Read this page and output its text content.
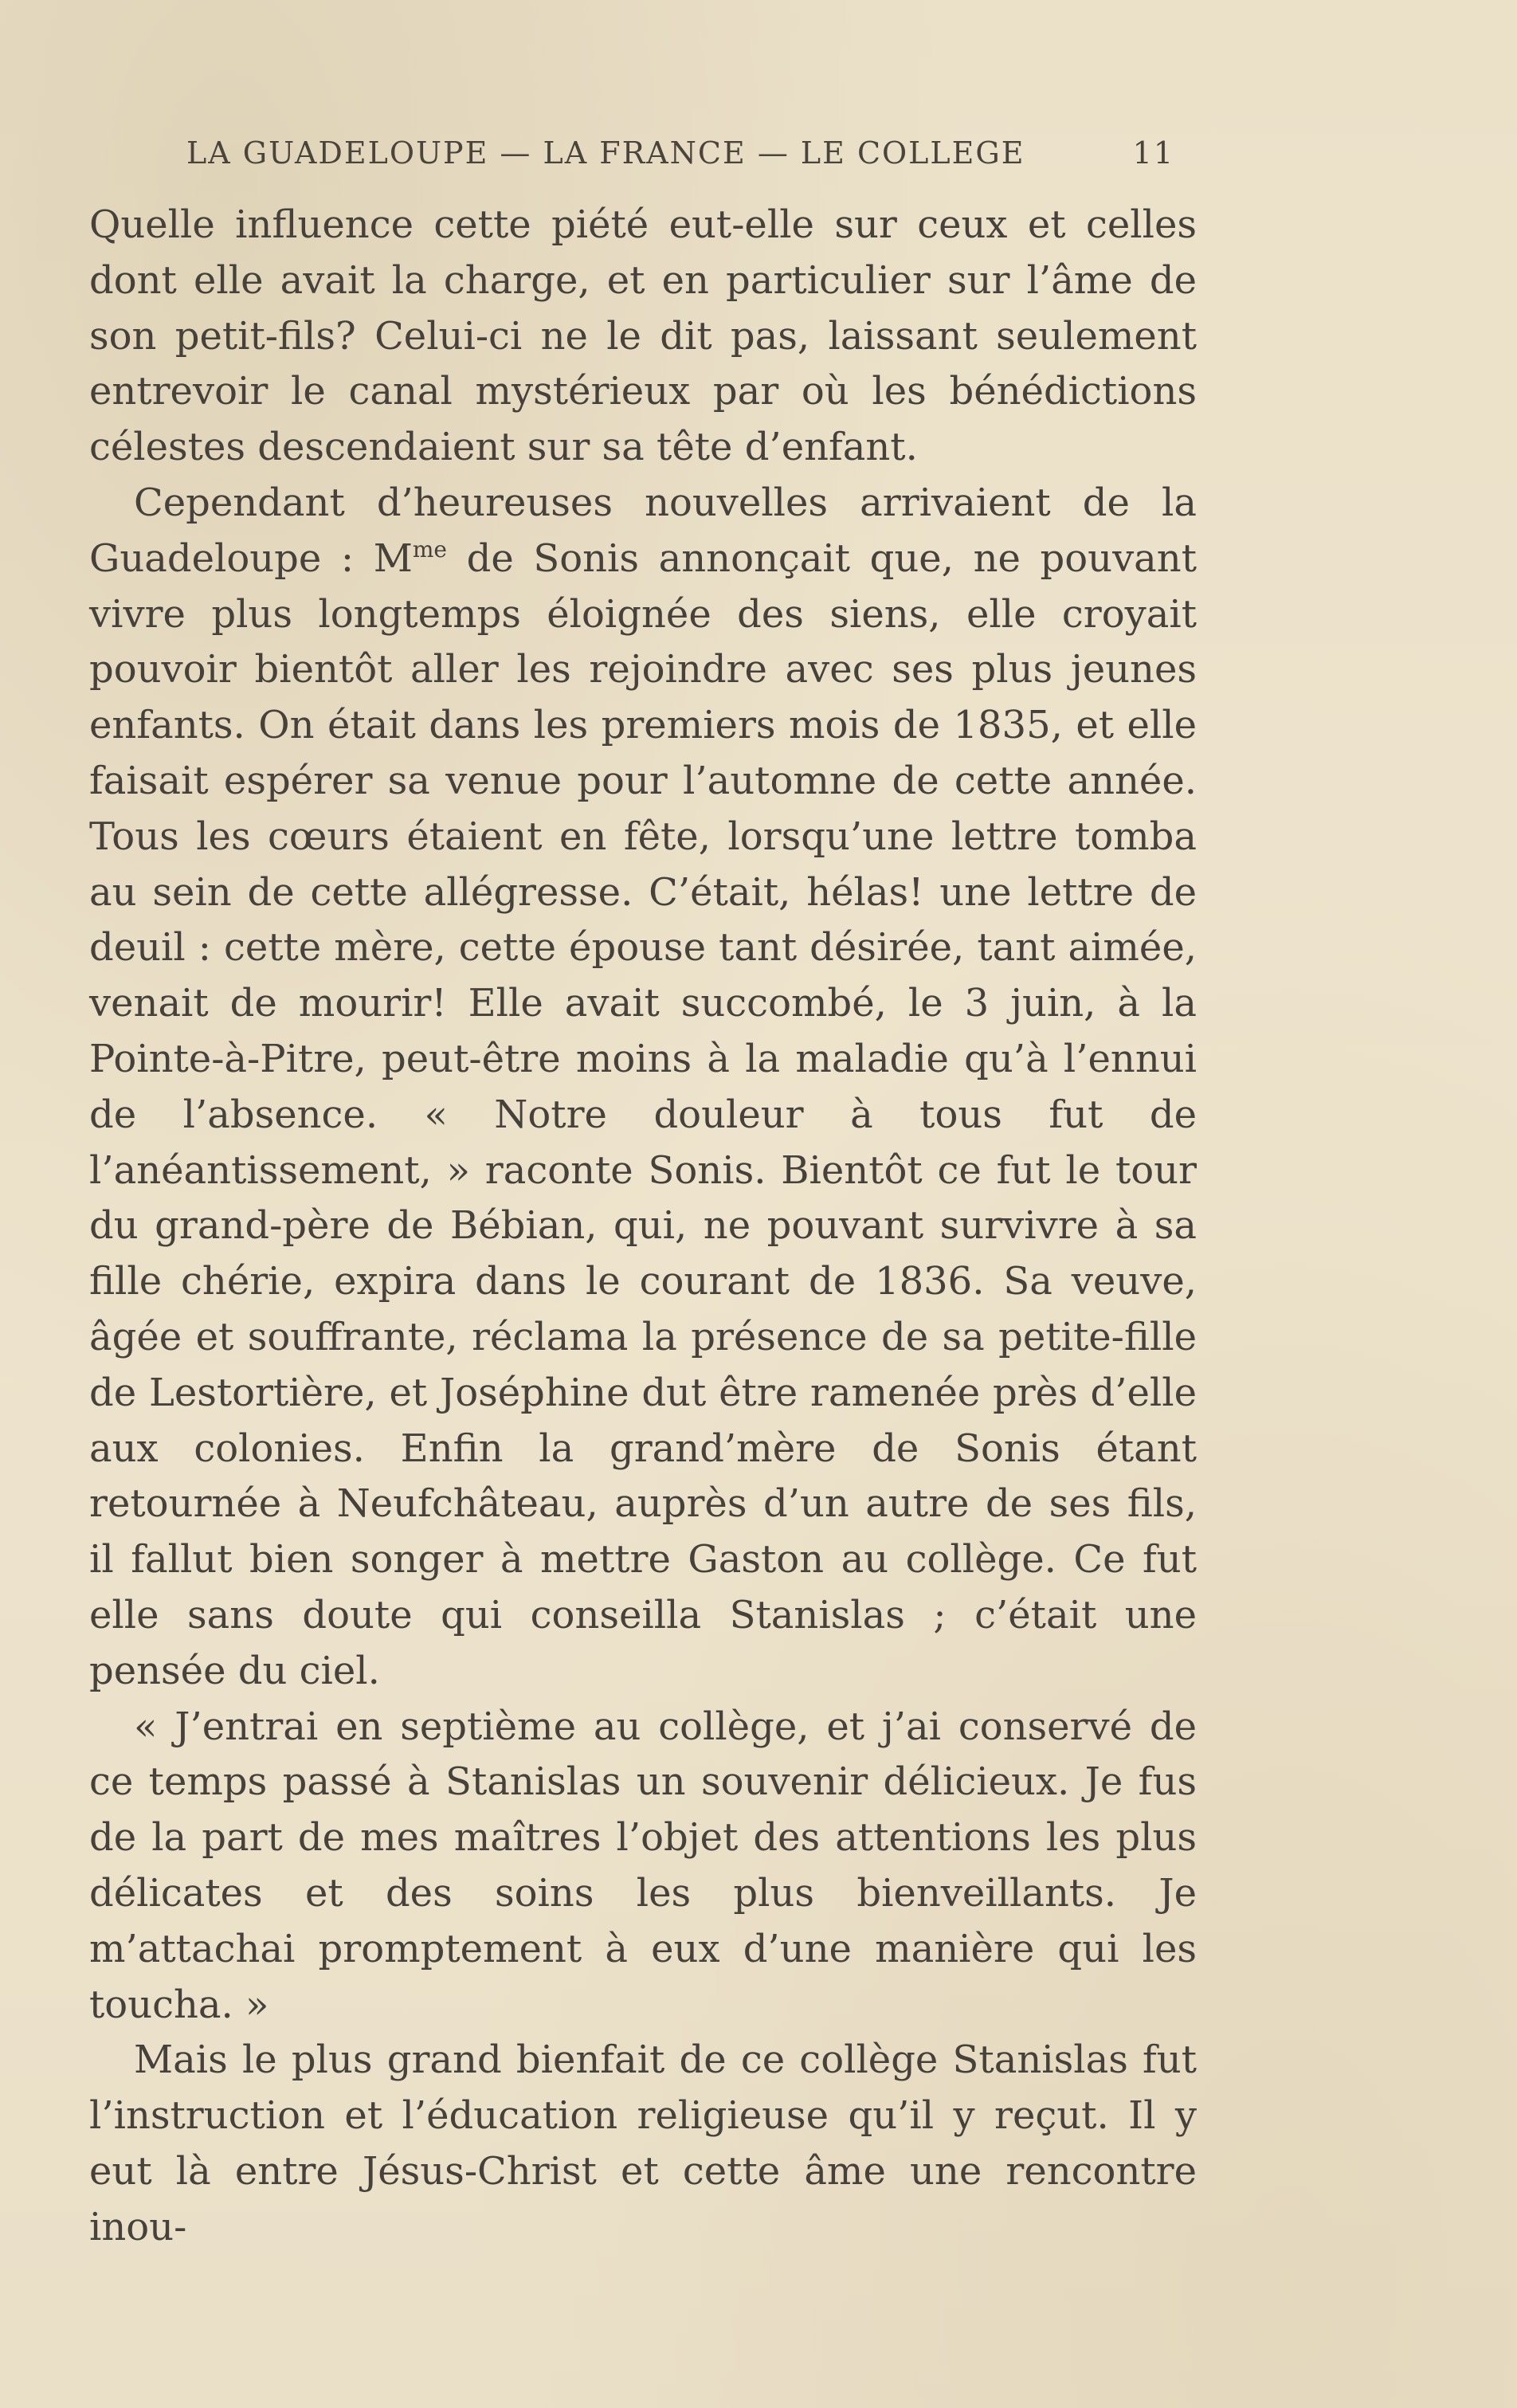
LA GUADELOUPE — LA FRANCE — LE COLLEGE	11

Quelle influence cette piété eut-elle sur ceux et celles dont elle avait la charge, et en particulier sur l’âme de son petit-fils? Celui-ci ne le dit pas, laissant seulement entrevoir le canal mystérieux par où les bénédictions célestes descendaient sur sa tête d’enfant.

Cependant d’heureuses nouvelles arrivaient de la Guadeloupe : $M^{me}$ de Sonis annonçait que, ne pouvant vivre plus longtemps éloignée des siens, elle croyait pouvoir bientôt aller les rejoindre avec ses plus jeunes enfants. On était dans les premiers mois de 1835, et elle faisait espérer sa venue pour l’automne de cette année. Tous les cœurs étaient en fête, lorsqu’une lettre tomba au sein de cette allégresse. C’était, hélas! une lettre de deuil : cette mère, cette épouse tant désirée, tant aimée, venait de mourir! Elle avait succombé, le 3 juin, à la Pointe-à-Pitre, peut-être moins à la maladie qu’à l’ennui de l’absence. « Notre douleur à tous fut de l’anéantissement, » raconte Sonis. Bientôt ce fut le tour du grand-père de Bébian, qui, ne pouvant survivre à sa fille chérie, expira dans le courant de 1836. Sa veuve, âgée et souffrante, réclama la présence de sa petite-fille de Lestortière, et Joséphine dut être ramenée près d’elle aux colonies. Enfin la grand’mère de Sonis étant retournée à Neufchâteau, auprès d’un autre de ses fils, il fallut bien songer à mettre Gaston au collège. Ce fut elle sans doute qui conseilla Stanislas ; c’était une pensée du ciel.

« J’entrai en septième au collège, et j’ai conservé de ce temps passé à Stanislas un souvenir délicieux. Je fus de la part de mes maîtres l’objet des attentions les plus délicates et des soins les plus bienveillants. Je m’attachai promptement à eux d’une manière qui les toucha. »

Mais le plus grand bienfait de ce collège Stanislas fut l’instruction et l’éducation religieuse qu’il y reçut. Il y eut là entre Jésus-Christ et cette âme une rencontre inou-
